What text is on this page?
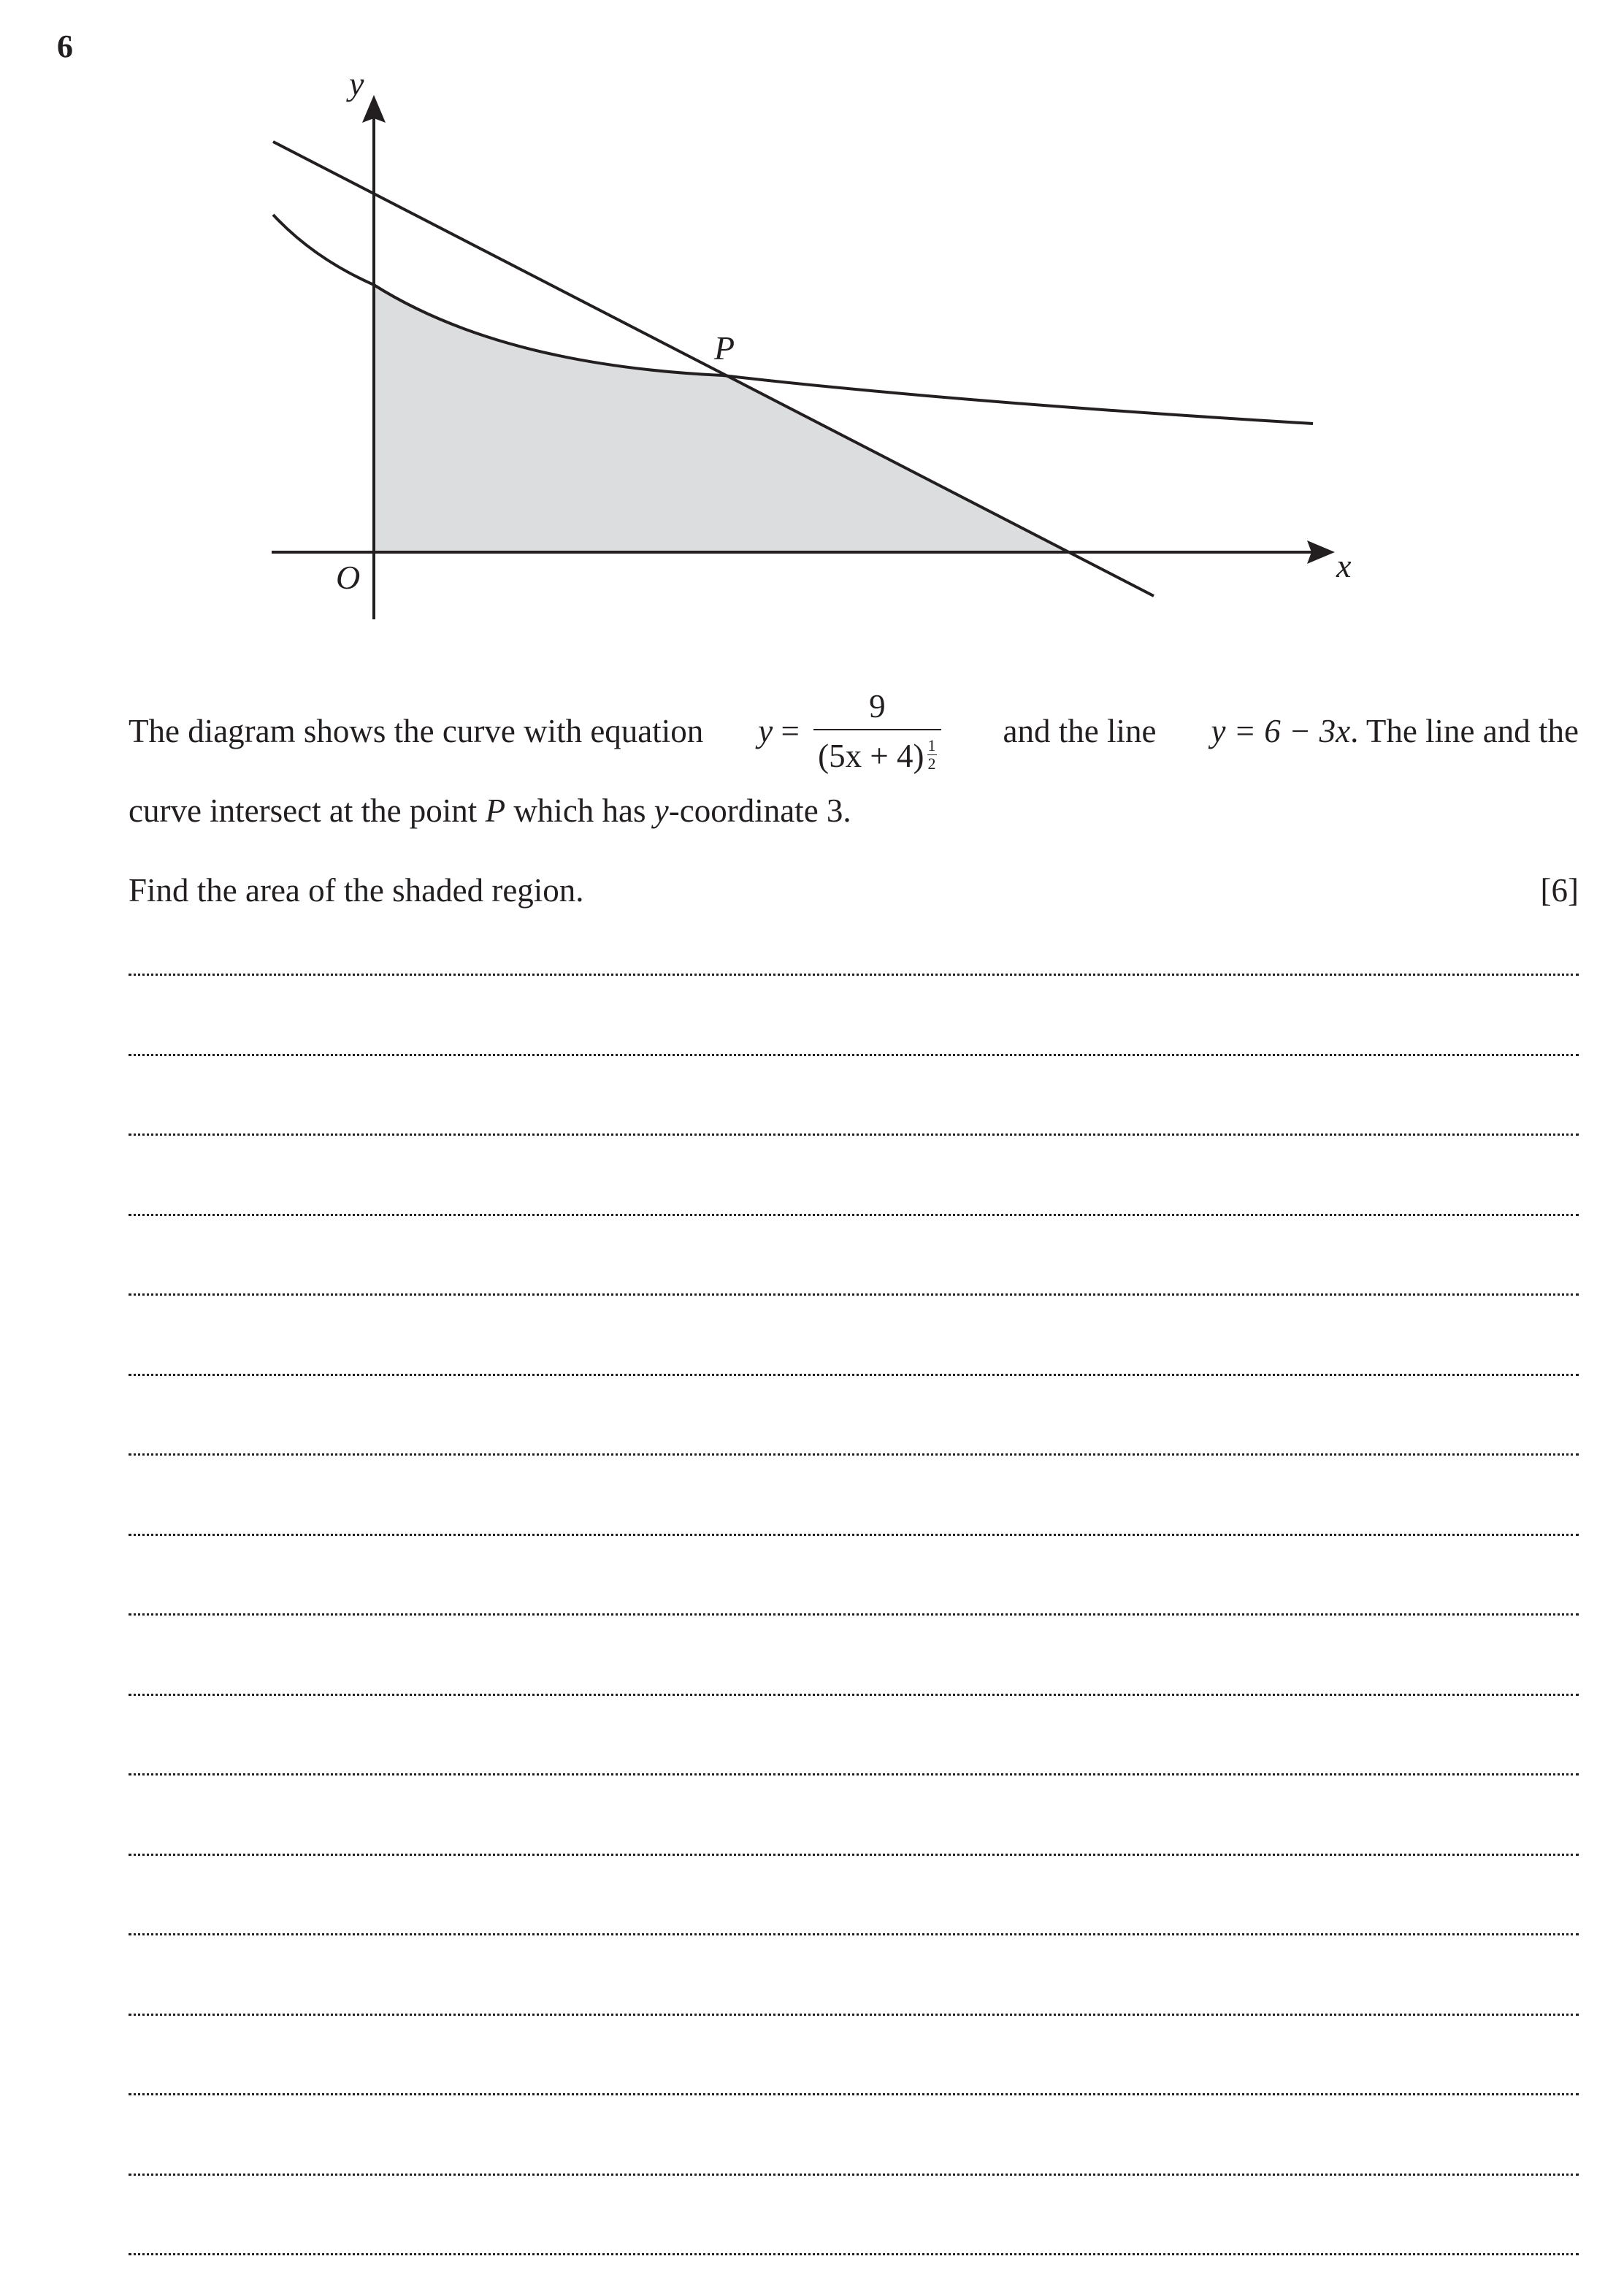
6
y
x
O
P
The diagram shows the curve with equation $y = \frac{9}{(5x + 4) \frac{1}{2}}$ and the line y = 6 − 3x. The line and the
curve intersect at the point P which has y-coordinate 3.
Find the area of the shaded region.	[6]
